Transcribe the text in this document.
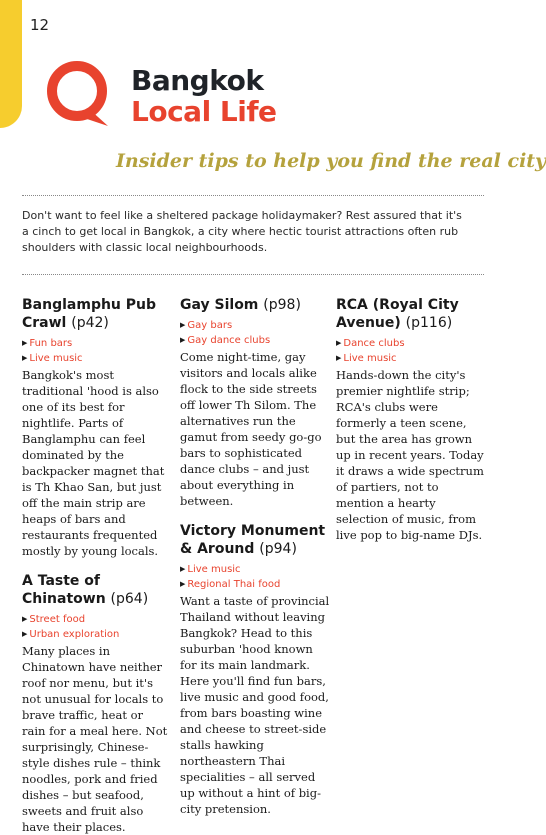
12
Bangkok
Local Life
Insider tips to help you find the real city

Don't want to feel like a sheltered package holidaymaker? Rest assured that it's a cinch to get local in Bangkok, a city where hectic tourist attractions often rub shoulders with classic local neighbourhoods.

Banglamphu Pub Crawl (p42)
▶ Fun bars
▶ Live music

Bangkok's most traditional 'hood is also one of its best for nightlife. Parts of Banglamphu can feel dominated by the backpacker magnet that is Th Khao San, but just off the main strip are heaps of bars and restaurants frequented mostly by young locals.

A Taste of Chinatown (p64)
▶ Street food
▶ Urban exploration

Many places in Chinatown have neither roof nor menu, but it's not unusual for locals to brave traffic, heat or rain for a meal here. Not surprisingly, Chinese-style dishes rule – think noodles, pork and fried dishes – but seafood, sweets and fruit also have their places.

Gay Silom (p98)
▶ Gay bars
▶ Gay dance clubs

Come night-time, gay visitors and locals alike flock to the side streets off lower Th Silom. The alternatives run the gamut from seedy go-go bars to sophisticated dance clubs – and just about everything in between.

Victory Monument & Around (p94)
▶ Live music
▶ Regional Thai food

Want a taste of provincial Thailand without leaving Bangkok? Head to this suburban 'hood known for its main landmark. Here you'll find fun bars, live music and good food, from bars boasting wine and cheese to street-side stalls hawking northeastern Thai specialities – all served up without a hint of big-city pretension.

RCA (Royal City Avenue) (p116)
▶ Dance clubs
▶ Live music

Hands-down the city's premier nightlife strip; RCA's clubs were formerly a teen scene, but the area has grown up in recent years. Today it draws a wide spectrum of partiers, not to mention a hearty selection of music, from live pop to big-name DJs.
